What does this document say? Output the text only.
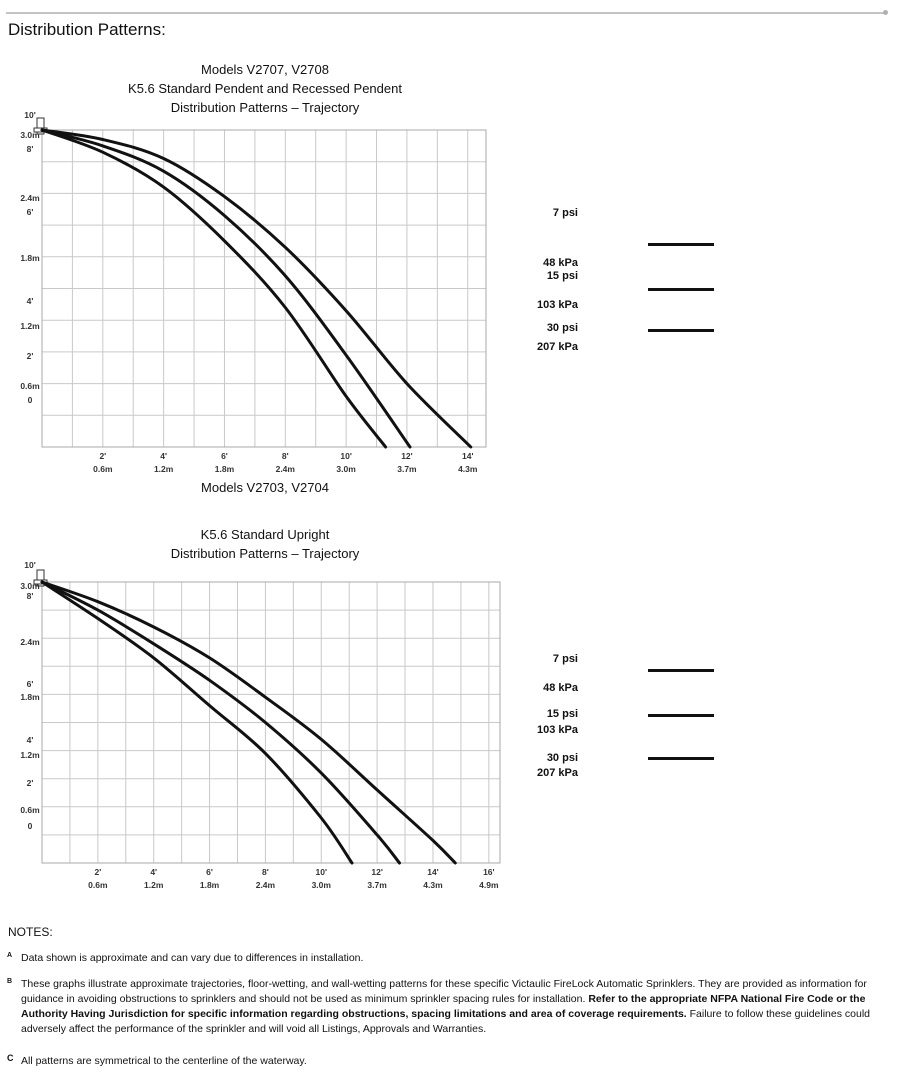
Distribution Patterns:
Models V2707, V2708
K5.6 Standard Pendent and Recessed Pendent
Distribution Patterns – Trajectory
10'
3.0m
8'
2.4m
6'
1.8m
4'
1.2m
2'
0.6m
0
2'
0.6m
4'
1.2m
6'
1.8m
8'
2.4m
10'
3.0m
12'
3.7m
14'
4.3m
Models V2703, V2704
7 psi
48 kPa
15 psi
103 kPa
30 psi
207 kPa
K5.6 Standard Upright
Distribution Patterns – Trajectory
10'
3.0m
8'
2.4m
6'
1.8m
4'
1.2m
2'
0.6m
0
2'
0.6m
4'
1.2m
6'
1.8m
8'
2.4m
10'
3.0m
12'
3.7m
14'
4.3m
16'
4.9m
7 psi
48 kPa
15 psi
103 kPa
30 psi
207 kPa
NOTES:
A Data shown is approximate and can vary due to differences in installation.
B These graphs illustrate approximate trajectories, floor-wetting, and wall-wetting patterns for these specific Victaulic FireLock Automatic Sprinklers. They are provided as information for guidance in avoiding obstructions to sprinklers and should not be used as minimum sprinkler spacing rules for installation. Refer to the appropriate NFPA National Fire Code or the Authority Having Jurisdiction for specific information regarding obstructions, spacing limitations and area of coverage requirements. Failure to follow these guidelines could adversely affect the performance of the sprinkler and will void all Listings, Approvals and Warranties.
C All patterns are symmetrical to the centerline of the waterway.
